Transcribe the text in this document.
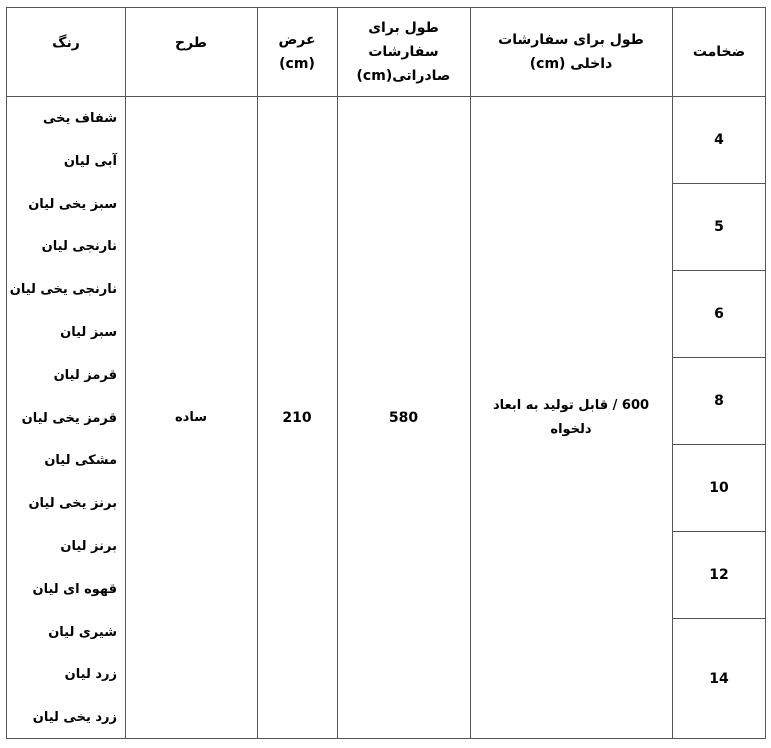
ضخامت
طول برای سفارشات داخلی (cm)
طول برای سفارشات صادراتی(cm)
عرض (cm)
طرح
رنگ
4
5
6
8
10
12
14
600 / قابل تولید به ابعاد دلخواه
580
210
ساده
شفاف یخی
آبی لیان
سبز یخی لیان
نارنجی لیان
نارنجی یخی لیان
سبز لیان
قرمز لیان
قرمز یخی لیان
مشکی لیان
برنز یخی لیان
برنز لیان
قهوه ای لیان
شیری لیان
زرد لیان
زرد یخی لیان
